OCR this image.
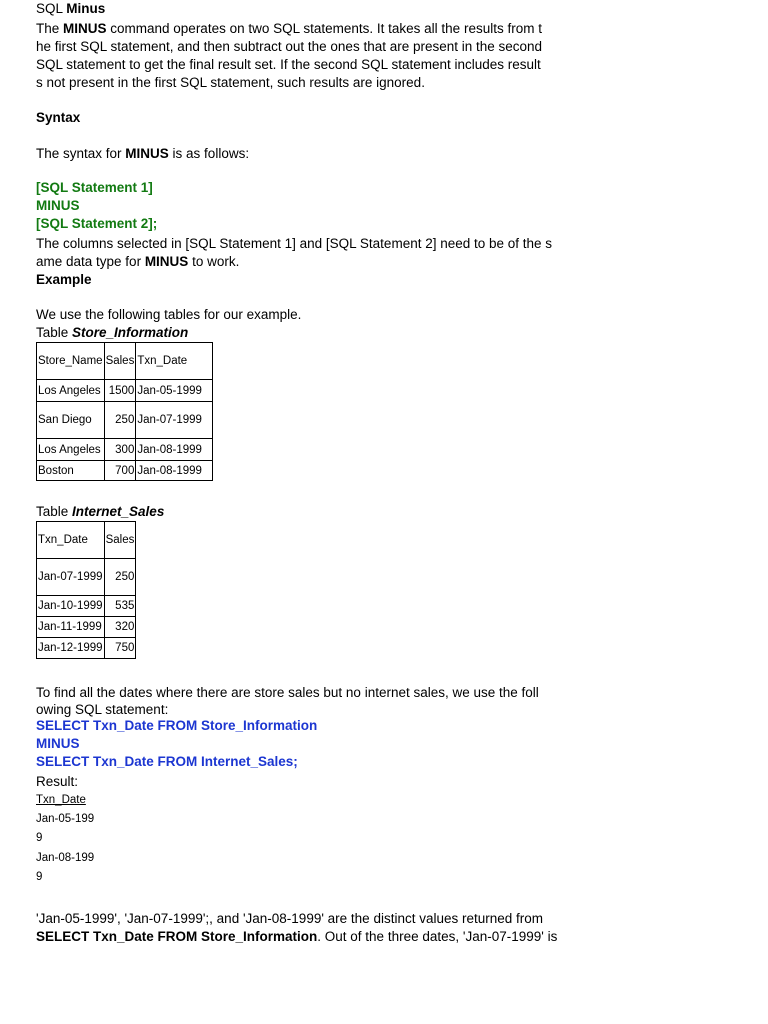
SQL Minus
The MINUS command operates on two SQL statements. It takes all the results from t
he first SQL statement, and then subtract out the ones that are present in the second
SQL statement to get the final result set. If the second SQL statement includes result
s not present in the first SQL statement, such results are ignored.
Syntax
The syntax for MINUS is as follows:
[SQL Statement 1]
MINUS
[SQL Statement 2];
The columns selected in [SQL Statement 1] and [SQL Statement 2] need to be of the s
ame data type for MINUS to work.
Example
We use the following tables for our example.
Table Store_Information
Store_Name	Sales	Txn_Date
Los Angeles	1500	Jan-05-1999
San Diego	250	Jan-07-1999
Los Angeles	300	Jan-08-1999
Boston	700	Jan-08-1999
Table Internet_Sales
Txn_Date	Sales
Jan-07-1999	250
Jan-10-1999	535
Jan-11-1999	320
Jan-12-1999	750
To find all the dates where there are store sales but no internet sales, we use the foll
owing SQL statement:
SELECT Txn_Date FROM Store_Information
MINUS
SELECT Txn_Date FROM Internet_Sales;
Result:
Txn_Date
Jan-05-199
9
Jan-08-199
9
'Jan-05-1999', 'Jan-07-1999';, and 'Jan-08-1999' are the distinct values returned from
SELECT Txn_Date FROM Store_Information. Out of the three dates, 'Jan-07-1999' is
